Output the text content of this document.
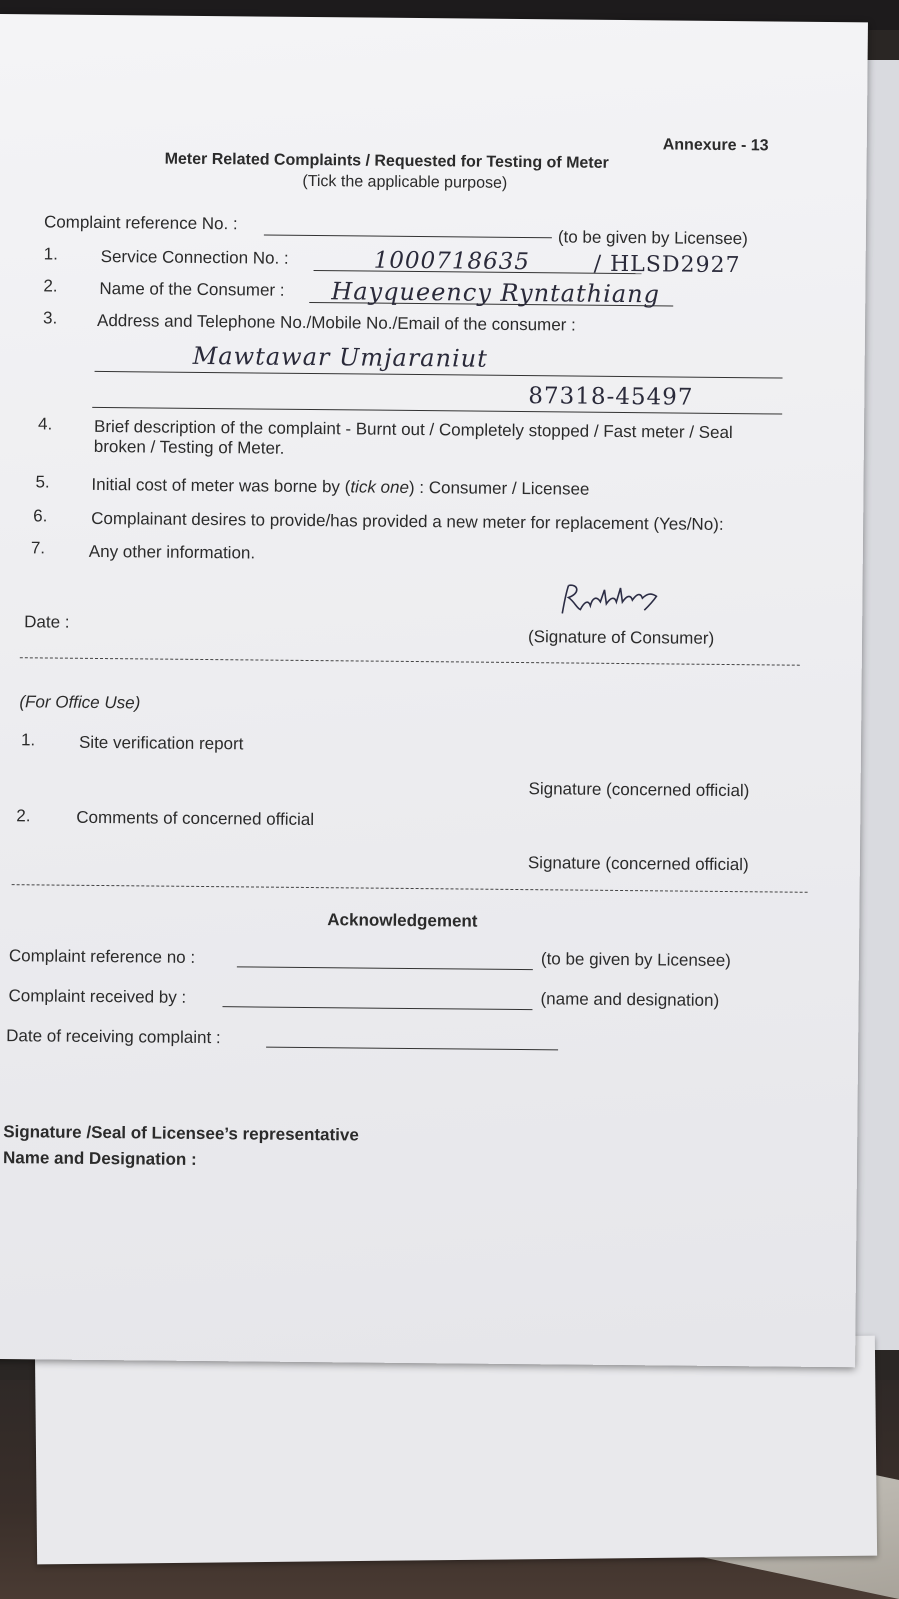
Annexure - 13
Meter Related Complaints / Requested for Testing of Meter
(Tick the applicable purpose)
Complaint reference No. :
(to be given by Licensee)
1.	Service Connection No. :	1000718635	/ HLSD2927
2. Name of the Consumer : Hayqueency Ryntathiang
3. Address and Telephone No./Mobile No./Email of the consumer :
Mawtawar Umjaraniut
87318-45497
4. Brief description of the complaint - Burnt out / Completely stopped / Fast meter / Seal
broken / Testing of Meter.
5. Initial cost of meter was borne by (tick one) : Consumer / Licensee
6.	Complainant desires to provide/has provided a new meter for replacement (Yes/No):
7.	Any other information.
Date :
(Signature of Consumer)
(For Office Use)
1.	Site verification report
Signature (concerned official)
2.	Comments of concerned official
Signature (concerned official)
Acknowledgement
Complaint reference no :	(to be given by Licensee)
Complaint received by :	(name and designation)
Date of receiving complaint :
Signature /Seal of Licensee’s representative
Name and Designation :
